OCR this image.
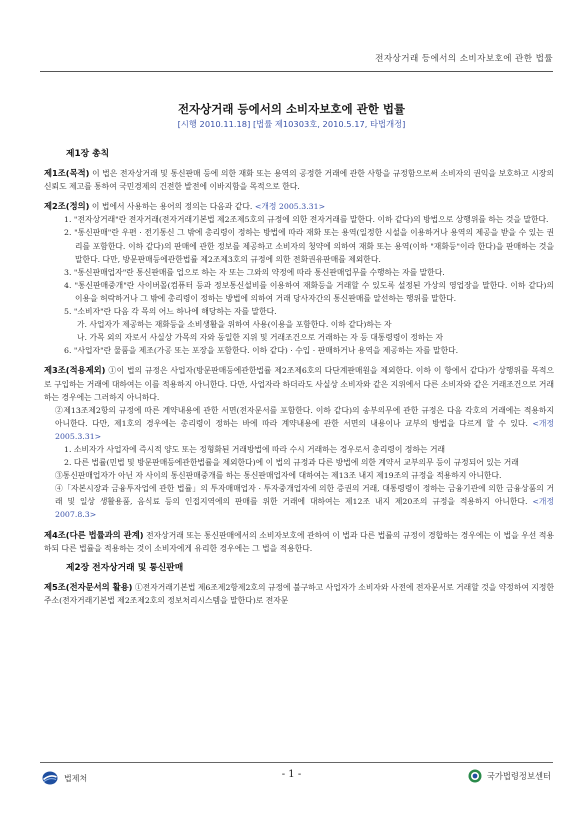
전자상거래 등에서의 소비자보호에 관한 법률
전자상거래 등에서의 소비자보호에 관한 법률
[시행 2010.11.18] [법률 제10303호, 2010.5.17, 타법개정]
제1장 총칙
제1조(목적) 이 법은 전자상거래 및 통신판매 등에 의한 재화 또는 용역의 공정한 거래에 관한 사항을 규정함으로써 소비자의 권익을 보호하고 시장의 신뢰도 제고를 통하여 국민경제의 건전한 발전에 이바지함을 목적으로 한다.
제2조(정의) 이 법에서 사용하는 용어의 정의는 다음과 같다. <개정 2005.3.31>
1. "전자상거래"란 전자거래(전자거래기본법 제2조제5호의 규정에 의한 전자거래를 말한다. 이하 같다)의 방법으로 상행위를 하는 것을 말한다.
2. "통신판매"란 우편 · 전기통신 그 밖에 총리령이 정하는 방법에 따라 재화 또는 용역(일정한 시설을 이용하거나 용역의 제공을 받을 수 있는 권리를 포함한다. 이하 같다)의 판매에 관한 정보를 제공하고 소비자의 청약에 의하여 재화 또는 용역(이하 "재화등"이라 한다)을 판매하는 것을 말한다. 다만, 방문판매등에관한법률 제2조제3호의 규정에 의한 전화권유판매를 제외한다.
3. "통신판매업자"란 통신판매를 업으로 하는 자 또는 그와의 약정에 따라 통신판매업무를 수행하는 자를 말한다.
4. "통신판매중개"란 사이버몰(컴퓨터 등과 정보통신설비를 이용하여 재화등을 거래할 수 있도록 설정된 가상의 영업장을 말한다. 이하 같다)의 이용을 허락하거나 그 밖에 총리령이 정하는 방법에 의하여 거래 당사자간의 통신판매를 알선하는 행위를 말한다.
5. "소비자"란 다음 각 목의 어느 하나에 해당하는 자를 말한다.
가. 사업자가 제공하는 재화등을 소비생활을 위하여 사용(이용을 포함한다. 이하 같다)하는 자
나. 가목 외의 자로서 사실상 가목의 자와 동일한 지위 및 거래조건으로 거래하는 자 등 대통령령이 정하는 자
6. "사업자"란 물품을 제조(가공 또는 포장을 포함한다. 이하 같다) · 수입 · 판매하거나 용역을 제공하는 자를 말한다.
제3조(적용제외) ①이 법의 규정은 사업자(방문판매등에관한법률 제2조제6호의 다단계판매원을 제외한다. 이하 이 항에서 같다)가 상행위를 목적으로 구입하는 거래에 대하여는 이를 적용하지 아니한다. 다만, 사업자라 하더라도 사실상 소비자와 같은 지위에서 다른 소비자와 같은 거래조건으로 거래하는 경우에는 그러하지 아니하다.
②제13조제2항의 규정에 따른 계약내용에 관한 서면(전자문서를 포함한다. 이하 같다)의 송부의무에 관한 규정은 다음 각호의 거래에는 적용하지 아니한다. 다만, 제1호의 경우에는 총리령이 정하는 바에 따라 계약내용에 관한 서면의 내용이나 교부의 방법을 다르게 할 수 있다. <개정 2005.3.31>
1. 소비자가 사업자에 즉시적 양도 또는 정형화된 거래방법에 따라 수시 거래하는 경우로서 총리령이 정하는 거래
2. 다른 법률(민법 및 방문판매등에관한법률을 제외한다)에 이 법의 규정과 다른 방법에 의한 계약서 교부의무 등이 규정되어 있는 거래
③통신판매업자가 아닌 자 사이의 통신판매중개를 하는 통신판매업자에 대하여는 제13조 내지 제19조의 규정을 적용하지 아니한다.
④「자본시장과 금융투자업에 관한 법률」의 투자매매업자 · 투자중개업자에 의한 증권의 거래, 대통령령이 정하는 금융기관에 의한 금융상품의 거래 및 일상 생활용품, 음식료 등의 인접지역에의 판매를 위한 거래에 대하여는 제12조 내지 제20조의 규정을 적용하지 아니한다. <개정 2007.8.3>
제4조(다른 법률과의 관계) 전자상거래 또는 통신판매에서의 소비자보호에 관하여 이 법과 다른 법률의 규정이 경합하는 경우에는 이 법을 우선 적용하되 다른 법률을 적용하는 것이 소비자에게 유리한 경우에는 그 법을 적용한다.
제2장 전자상거래 및 통신판매
제5조(전자문서의 활용) ①전자거래기본법 제6조제2항제2호의 규정에 불구하고 사업자가 소비자와 사전에 전자문서로 거래할 것을 약정하여 지정한 주소(전자거래기본법 제2조제2호의 정보처리시스템을 말한다)로 전자문
법제처	- 1 -	국가법령정보센터
